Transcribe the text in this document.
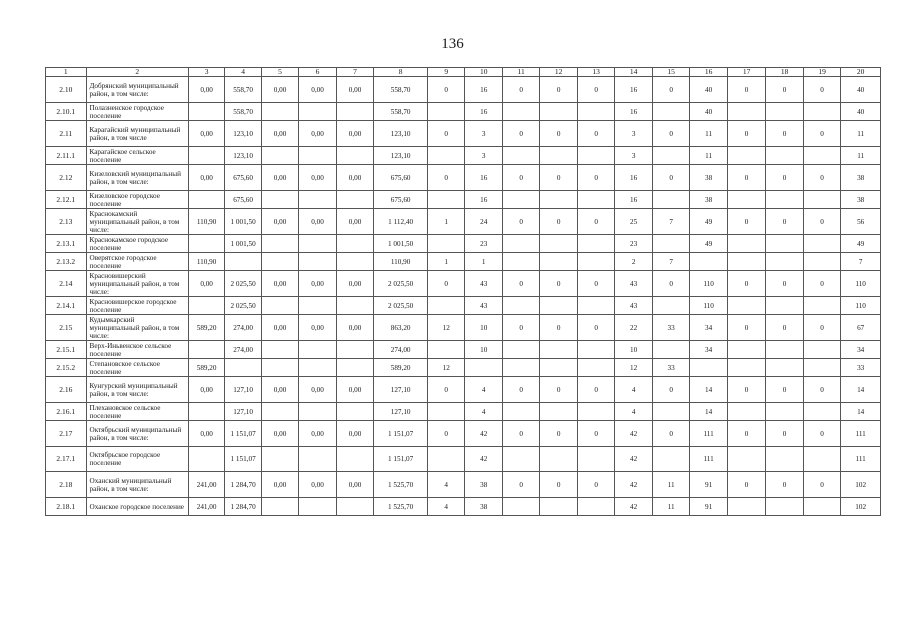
136
1	2	3	4	5	6	7	8	9	10	11	12	13	14	15	16	17	18	19	20
2.10	Добрянский муниципальный район, в том числе:	0,00	558,70	0,00	0,00	0,00	558,70	0	16	0	0	0	16	0	40	0	0	0	40
2.10.1	Полазненское городское поселение		558,70				558,70		16				16		40				40
2.11	Карагайский муниципальный район, в том числе	0,00	123,10	0,00	0,00	0,00	123,10	0	3	0	0	0	3	0	11	0	0	0	11
2.11.1	Карагайское сельское поселение		123,10				123,10		3				3		11				11
2.12	Кизеловский муниципальный район, в том числе:	0,00	675,60	0,00	0,00	0,00	675,60	0	16	0	0	0	16	0	38	0	0	0	38
2.12.1	Кизеловское городское поселение		675,60				675,60		16				16		38				38
2.13	Краснокамский муниципальный район, в том числе:	110,90	1 001,50	0,00	0,00	0,00	1 112,40	1	24	0	0	0	25	7	49	0	0	0	56
2.13.1	Краснокамское городское поселение		1 001,50				1 001,50		23				23		49				49
2.13.2	Оверятское городское поселение	110,90					110,90	1	1				2	7					7
2.14	Красновишерский муниципальный район, в том числе:	0,00	2 025,50	0,00	0,00	0,00	2 025,50	0	43	0	0	0	43	0	110	0	0	0	110
2.14.1	Красновишерское городское поселение		2 025,50				2 025,50		43				43		110				110
2.15	Кудымкарский муниципальный район, в том числе:	589,20	274,00	0,00	0,00	0,00	863,20	12	10	0	0	0	22	33	34	0	0	0	67
2.15.1	Верх-Иньвенское сельское поселение		274,00				274,00		10				10		34				34
2.15.2	Степановское сельское поселение	589,20					589,20	12					12	33					33
2.16	Кунгурский муниципальный район, в том числе:	0,00	127,10	0,00	0,00	0,00	127,10	0	4	0	0	0	4	0	14	0	0	0	14
2.16.1	Плехановское сельское поселение		127,10				127,10		4				4		14				14
2.17	Октябрьский муниципальный район, в том числе:	0,00	1 151,07	0,00	0,00	0,00	1 151,07	0	42	0	0	0	42	0	111	0	0	0	111
2.17.1	Октябрьское городское поселение		1 151,07				1 151,07		42				42		111				111
2.18	Оханский муниципальный район, в том числе:	241,00	1 284,70	0,00	0,00	0,00	1 525,70	4	38	0	0	0	42	11	91	0	0	0	102
2.18.1	Оханское городское поселение	241,00	1 284,70				1 525,70	4	38				42	11	91				102
